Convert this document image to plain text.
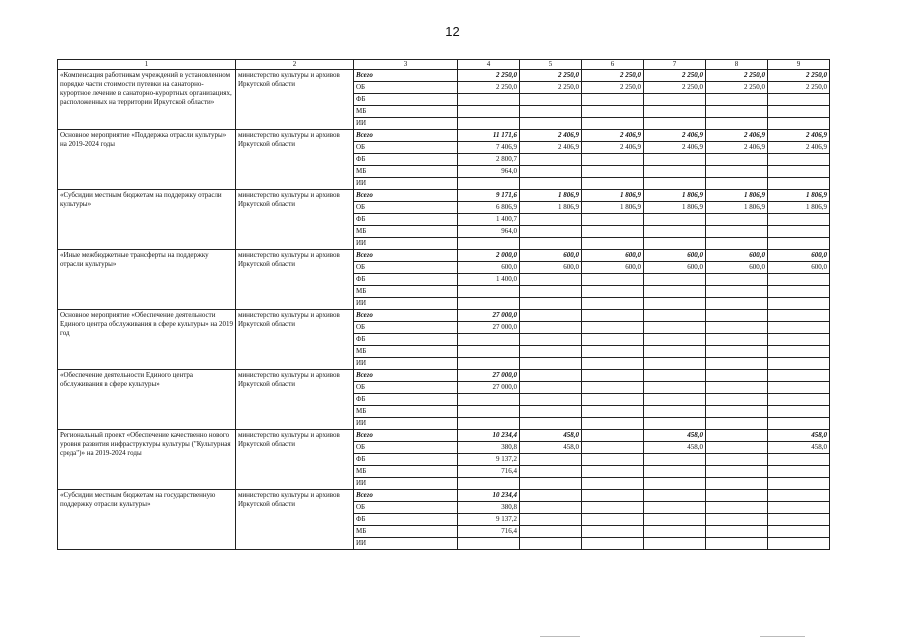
12
1	2	3	4	5	6	7	8	9
«Компенсация работникам учреждений в установленном порядке части стоимости путевки на санаторно-курортное лечение в санаторно-курортных организациях, расположенных на территории Иркутской области»	министерство культуры и архивов Иркутской области	Всего	2 250,0	2 250,0	2 250,0	2 250,0	2 250,0	2 250,0
		ОБ	2 250,0	2 250,0	2 250,0	2 250,0	2 250,0	2 250,0
		ФБ						
		МБ						
		ИИ						
Основное мероприятие «Поддержка отрасли культуры» на 2019-2024 годы	министерство культуры и архивов Иркутской области	Всего	11 171,6	2 406,9	2 406,9	2 406,9	2 406,9	2 406,9
		ОБ	7 406,9	2 406,9	2 406,9	2 406,9	2 406,9	2 406,9
		ФБ	2 800,7					
		МБ	964,0					
		ИИ						
«Субсидии местным бюджетам на поддержку отрасли культуры»	министерство культуры и архивов Иркутской области	Всего	9 171,6	1 806,9	1 806,9	1 806,9	1 806,9	1 806,9
		ОБ	6 806,9	1 806,9	1 806,9	1 806,9	1 806,9	1 806,9
		ФБ	1 400,7					
		МБ	964,0					
		ИИ						
«Иные межбюджетные трансферты на поддержку отрасли культуры»	министерство культуры и архивов Иркутской области	Всего	2 000,0	600,0	600,0	600,0	600,0	600,0
		ОБ	600,0	600,0	600,0	600,0	600,0	600,0
		ФБ	1 400,0					
		МБ						
		ИИ						
Основное мероприятие «Обеспечение деятельности Единого центра обслуживания в сфере культуры» на 2019 год	министерство культуры и архивов Иркутской области	Всего	27 000,0					
		ОБ	27 000,0					
		ФБ						
		МБ						
		ИИ						
«Обеспечение деятельности Единого центра обслуживания в сфере культуры»	министерство культуры и архивов Иркутской области	Всего	27 000,0					
		ОБ	27 000,0					
		ФБ						
		МБ						
		ИИ						
Региональный проект «Обеспечение качественно нового уровня развития инфраструктуры культуры ("Культурная среда")» на 2019-2024 годы	министерство культуры и архивов Иркутской области	Всего	10 234,4	458,0		458,0		458,0
		ОБ	380,8	458,0		458,0		458,0
		ФБ	9 137,2					
		МБ	716,4					
		ИИ						
«Субсидии местным бюджетам на государственную поддержку отрасли культуры»	министерство культуры и архивов Иркутской области	Всего	10 234,4					
		ОБ	380,8					
		ФБ	9 137,2					
		МБ	716,4					
		ИИ						
